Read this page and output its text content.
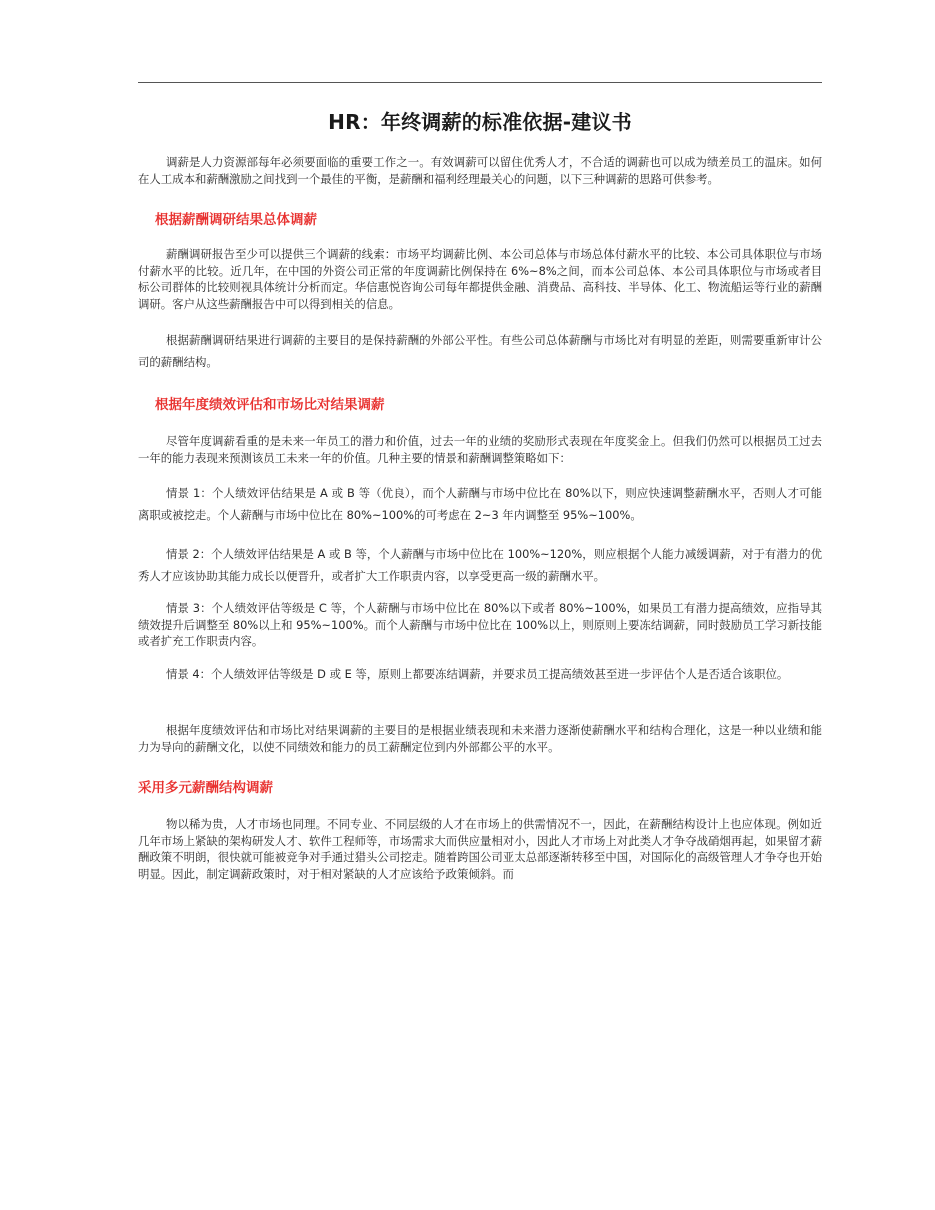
HR：年终调薪的标准依据-建议书

调薪是人力资源部每年必须要面临的重要工作之一。有效调薪可以留住优秀人才，不合适的调薪也可以成为绩差员工的温床。如何在人工成本和薪酬激励之间找到一个最佳的平衡，是薪酬和福利经理最关心的问题，以下三种调薪的思路可供参考。

根据薪酬调研结果总体调薪

薪酬调研报告至少可以提供三个调薪的线索：市场平均调薪比例、本公司总体与市场总体付薪水平的比较、本公司具体职位与市场付薪水平的比较。近几年，在中国的外资公司正常的年度调薪比例保持在 6%~8%之间，而本公司总体、本公司具体职位与市场或者目标公司群体的比较则视具体统计分析而定。华信惠悦咨询公司每年都提供金融、消费品、高科技、半导体、化工、物流船运等行业的薪酬调研。客户从这些薪酬报告中可以得到相关的信息。

根据薪酬调研结果进行调薪的主要目的是保持薪酬的外部公平性。有些公司总体薪酬与市场比对有明显的差距，则需要重新审计公司的薪酬结构。

根据年度绩效评估和市场比对结果调薪

尽管年度调薪看重的是未来一年员工的潜力和价值，过去一年的业绩的奖励形式表现在年度奖金上。但我们仍然可以根据员工过去一年的能力表现来预测该员工未来一年的价值。几种主要的情景和薪酬调整策略如下：

情景 1：个人绩效评估结果是 A 或 B 等（优良），而个人薪酬与市场中位比在 80%以下，则应快速调整薪酬水平，否则人才可能离职或被挖走。个人薪酬与市场中位比在 80%~100%的可考虑在 2~3 年内调整至 95%~100%。

情景 2：个人绩效评估结果是 A 或 B 等，个人薪酬与市场中位比在 100%~120%，则应根据个人能力减缓调薪，对于有潜力的优秀人才应该协助其能力成长以便晋升，或者扩大工作职责内容，以享受更高一级的薪酬水平。

情景 3：个人绩效评估等级是 C 等，个人薪酬与市场中位比在 80%以下或者 80%~100%，如果员工有潜力提高绩效，应指导其绩效提升后调整至 80%以上和 95%~100%。而个人薪酬与市场中位比在 100%以上，则原则上要冻结调薪，同时鼓励员工学习新技能或者扩充工作职责内容。

情景 4：个人绩效评估等级是 D 或 E 等，原则上都要冻结调薪，并要求员工提高绩效甚至进一步评估个人是否适合该职位。

根据年度绩效评估和市场比对结果调薪的主要目的是根据业绩表现和未来潜力逐渐使薪酬水平和结构合理化，这是一种以业绩和能力为导向的薪酬文化，以使不同绩效和能力的员工薪酬定位到内外部都公平的水平。

采用多元薪酬结构调薪

物以稀为贵，人才市场也同理。不同专业、不同层级的人才在市场上的供需情况不一，因此，在薪酬结构设计上也应体现。例如近几年市场上紧缺的架构研发人才、软件工程师等，市场需求大而供应量相对小，因此人才市场上对此类人才争夺战硝烟再起，如果留才薪酬政策不明朗，很快就可能被竞争对手通过猎头公司挖走。随着跨国公司亚太总部逐渐转移至中国，对国际化的高级管理人才争夺也开始明显。因此，制定调薪政策时，对于相对紧缺的人才应该给予政策倾斜。而
